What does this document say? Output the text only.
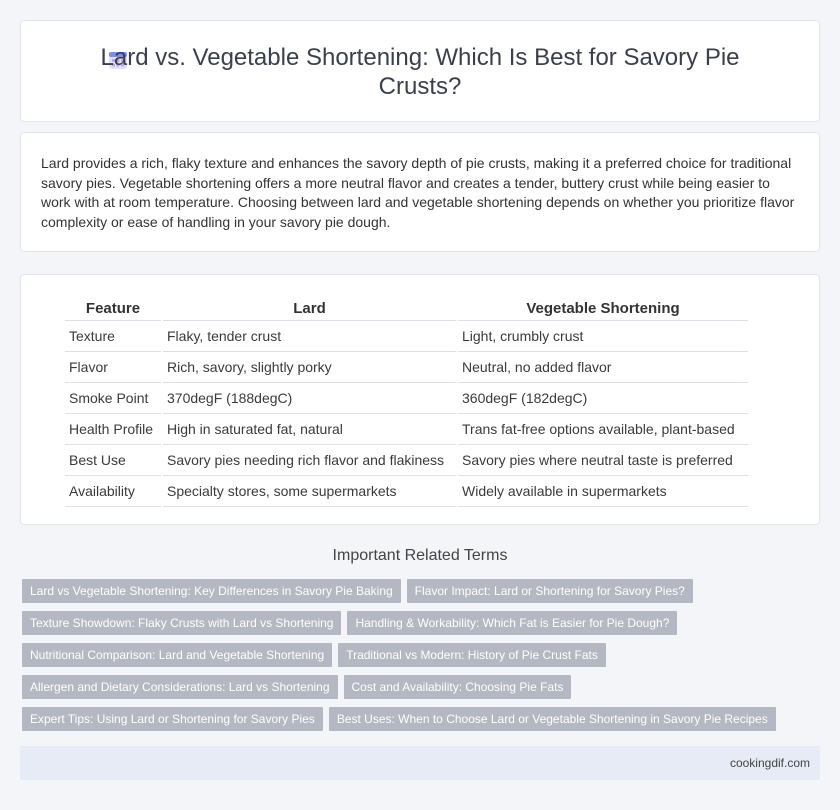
Lard vs. Vegetable Shortening: Which Is Best for Savory Pie Crusts?

Lard provides a rich, flaky texture and enhances the savory depth of pie crusts, making it a preferred choice for traditional savory pies. Vegetable shortening offers a more neutral flavor and creates a tender, buttery crust while being easier to work with at room temperature. Choosing between lard and vegetable shortening depends on whether you prioritize flavor complexity or ease of handling in your savory pie dough.

Feature	Lard	Vegetable Shortening
Texture	Flaky, tender crust	Light, crumbly crust
Flavor	Rich, savory, slightly porky	Neutral, no added flavor
Smoke Point	370degF (188degC)	360degF (182degC)
Health Profile	High in saturated fat, natural	Trans fat-free options available, plant-based
Best Use	Savory pies needing rich flavor and flakiness	Savory pies where neutral taste is preferred
Availability	Specialty stores, some supermarkets	Widely available in supermarkets
Important Related Terms
Lard vs Vegetable Shortening: Key Differences in Savory Pie Baking Flavor Impact: Lard or Shortening for Savory Pies?
Texture Showdown: Flaky Crusts with Lard vs Shortening Handling & Workability: Which Fat is Easier for Pie Dough?
Nutritional Comparison: Lard and Vegetable Shortening Traditional vs Modern: History of Pie Crust Fats
Allergen and Dietary Considerations: Lard vs Shortening Cost and Availability: Choosing Pie Fats
Expert Tips: Using Lard or Shortening for Savory Pies Best Uses: When to Choose Lard or Vegetable Shortening in Savory Pie Recipes
cookingdif.com
